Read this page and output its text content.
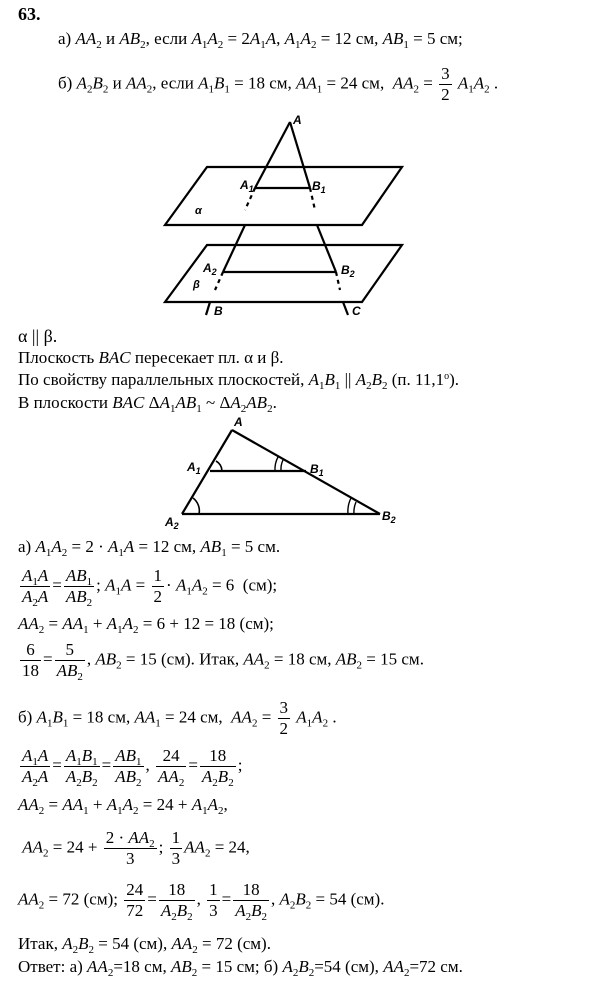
63.
а) $AA_2$ и $AB_2$, если $A_1A_2 = 2A_1A$, $A_1A_2 = 12$ см, $AB_1 = 5$ см;
б) $A_2B_2$ и $AA_2$, если $A_1B_1 = 18$ см, $AA_1 = 24$ см,  $AA_2 = \frac{3}{2} A_1A_2$ .
A
$A_1$	$B_1$
α
$A_2$	$B_2$
β
B	C
α || β.
Плоскость BAC пересекает пл. α и β.
По свойству параллельных плоскостей, $A_1B_1$ || $A_2B_2$ (п. $11,1^о$).
В плоскости BAC $\Delta A_1AB_1$ ~ $\Delta A_2AB_2$.
A
$A_1$	$B_1$
$A_2$
$B_2$
а) $A_1A_2 = 2 \cdot A_1A = 12$ см, $AB_1 = 5$ см.
$\frac{A_1A}{A_2A} = \frac{AB_1}{AB_2}$ ; $A_1A = \frac{1}{2} \cdot A_1A_2 = 6$  (см);
$AA_2 = AA_1 + A_1A_2 = 6 + 12 = 18$ (см);
$\frac{6}{18} = \frac{5}{AB_2}$ , $AB_2 = 15$ (см). Итак, $AA_2 = 18$ см, $AB_2 = 15$ см.
б) $A_1B_1 = 18$ см, $AA_1 = 24$ см,  $AA_2 = \frac{3}{2} A_1A_2$ .
$\frac{A_1A}{A_2A} = \frac{A_1B_1}{A_2B_2} = \frac{AB_1}{AB_2}$ , $\frac{24}{AA_2} = \frac{18}{A_2B_2}$ ;
$AA_2 = AA_1 + A_1A_2 = 24 + A_1A_2$,
$AA_2 = 24 + \frac{2 \cdot AA_2}{3}$ ; $\frac{1}{3} AA_2 = 24$,
$AA_2 = 72$ (см); $\frac{24}{72} = \frac{18}{A_2B_2}$ , $\frac{1}{3} = \frac{18}{A_2B_2}$ , $A_2B_2 = 54$ (см).
Итак, $A_2B_2 = 54$ (см), $AA_2 = 72$ (см).
Ответ: а) $AA_2=18$ см, $AB_2 = 15$ см; б) $A_2B_2=54$ (см), $AA_2=72$ см.
